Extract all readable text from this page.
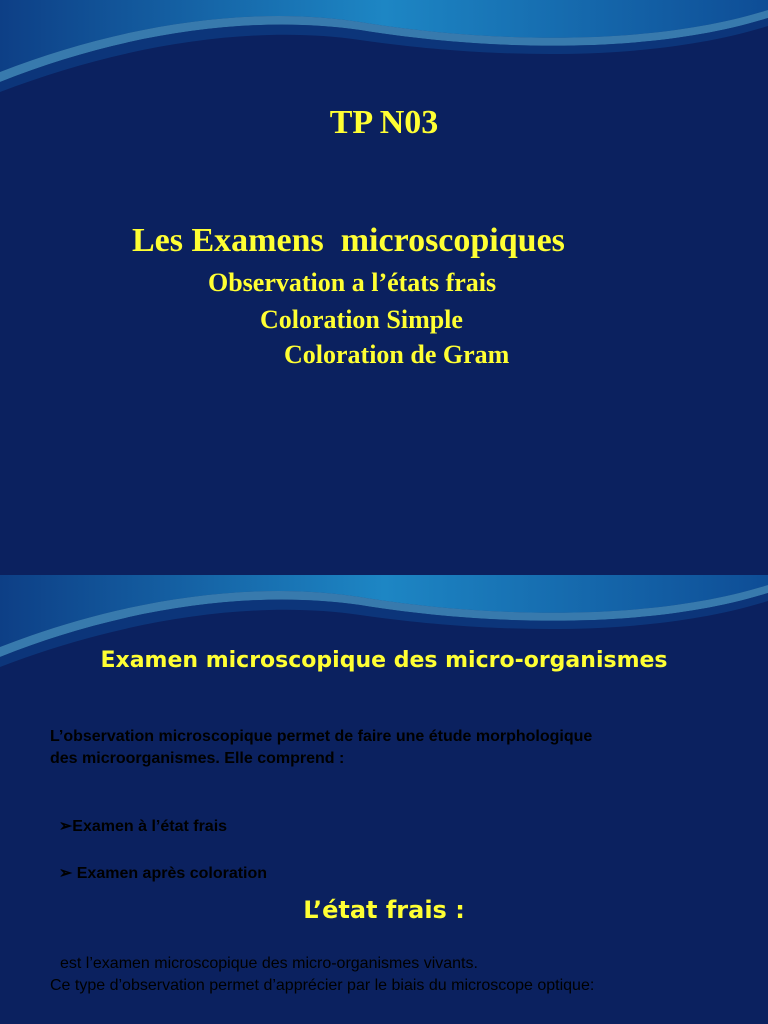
TP N03
Les Examens  microscopiques
Observation a l’états frais
Coloration Simple
Coloration de Gram
Examen microscopique des micro-organismes
L’observation microscopique permet de faire une étude morphologique
des microorganismes. Elle comprend :

➢Examen à l’état frais

➢ Examen après coloration

L’état frais :
est l’examen microscopique des micro-organismes vivants.
Ce type d’observation permet d’apprécier par le biais du microscope optique:
